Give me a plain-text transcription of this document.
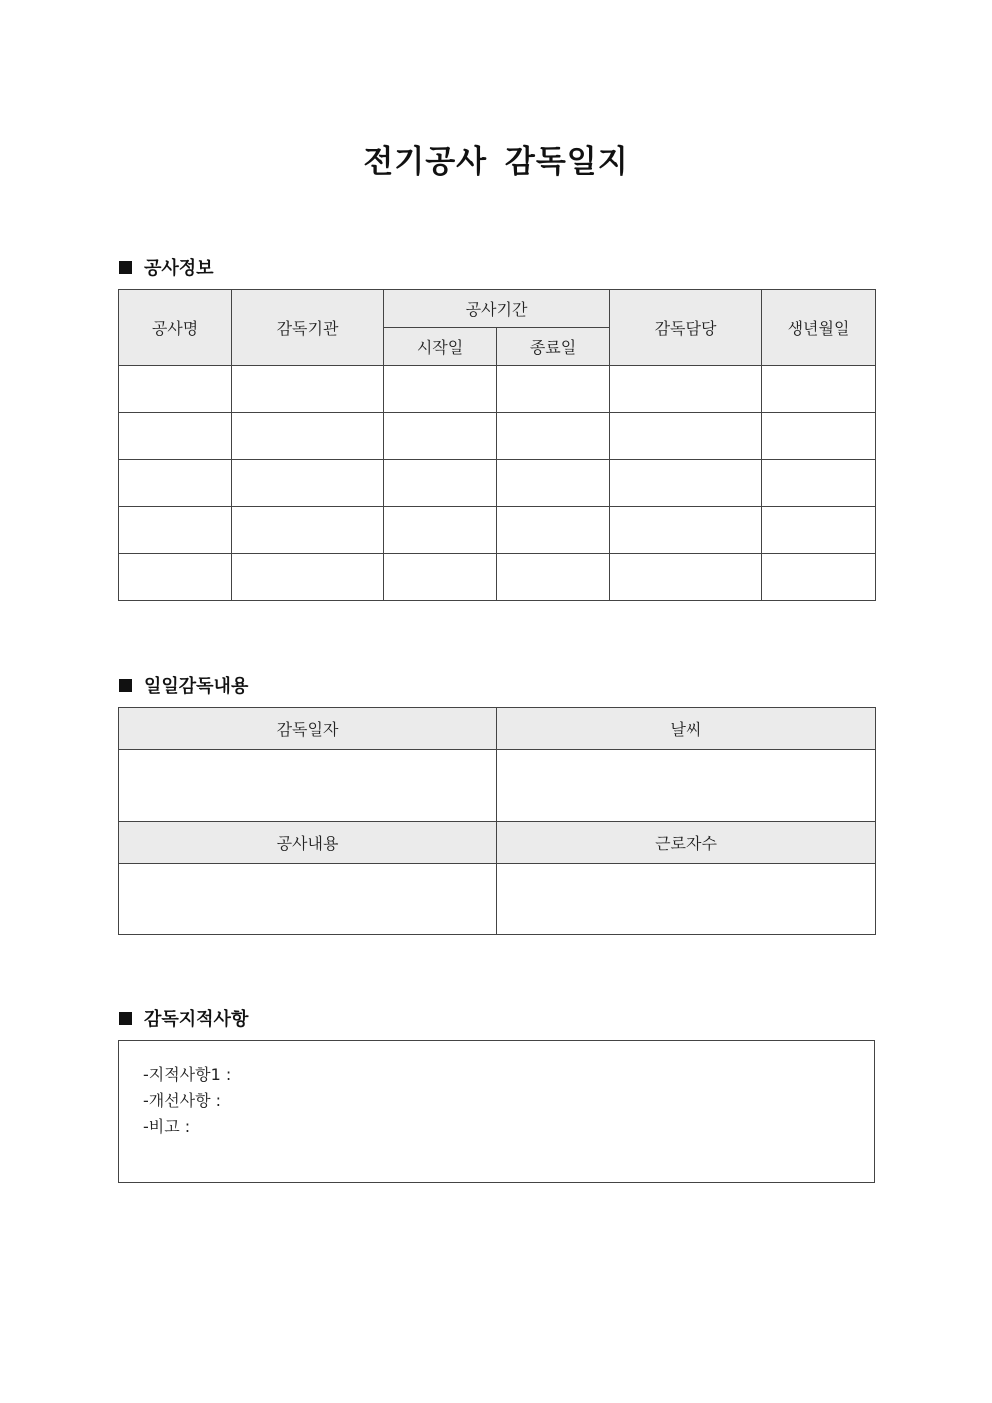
전기공사 감독일지
공사정보
공사명	감독기관	공사기간		감독담당	생년월일
		시작일	종료일		

일일감독내용
감독일자	날씨

공사내용	근로자수

감독지적사항
-지적사항1 :
-개선사항 :
-비고 :
